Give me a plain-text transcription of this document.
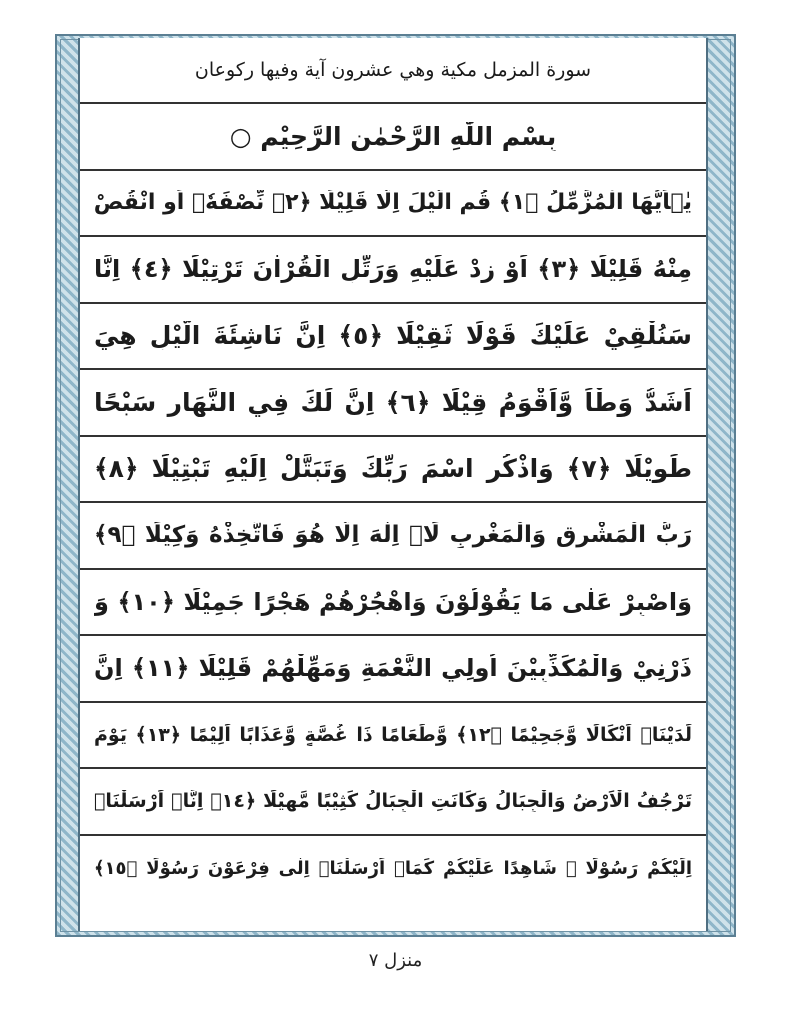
سورة المزمل مكية وهي عشرون آية وفيها ركوعان
بِسْمِ اللّٰهِ الرَّحْمٰنِ الرَّحِيْمِ ○
يٰۤاَيُّهَا الْمُزَّمِّلُ ﴿١﴾ قُمِ الَّيْلَ اِلَّا قَلِيْلًا ﴿٢﴾ نِّصْفَهٗۤ اَوِ انْقُصْ
مِنْهُ قَلِيْلًا ﴿٣﴾ اَوْ زِدْ عَلَيْهِ وَرَتِّلِ الْقُرْاٰنَ تَرْتِيْلًا ﴿٤﴾ اِنَّا
سَنُلْقِيْ عَلَيْكَ قَوْلًا ثَقِيْلًا ﴿٥﴾ اِنَّ نَاشِئَةَ الَّيْلِ هِيَ
اَشَدُّ وَطْاً وَّاَقْوَمُ قِيْلًا ﴿٦﴾ اِنَّ لَكَ فِي النَّهَارِ سَبْحًا
طَوِيْلًا ﴿٧﴾ وَاذْكُرِ اسْمَ رَبِّكَ وَتَبَتَّلْ اِلَيْهِ تَبْتِيْلًا ﴿٨﴾
رَبُّ الْمَشْرِقِ وَالْمَغْرِبِ لَاۤ اِلٰهَ اِلَّا هُوَ فَاتَّخِذْهُ وَكِيْلًا ﴿٩﴾
وَاصْبِرْ عَلٰى مَا يَقُوْلُوْنَ وَاهْجُرْهُمْ هَجْرًا جَمِيْلًا ﴿١٠﴾ وَ
ذَرْنِيْ وَالْمُكَذِّبِيْنَ اُولِي النَّعْمَةِ وَمَهِّلْهُمْ قَلِيْلًا ﴿١١﴾ اِنَّ
لَدَيْنَاۤ اَنْكَالًا وَّجَحِيْمًا ﴿١٢﴾ وَّطَعَامًا ذَا غُصَّةٍ وَّعَذَابًا اَلِيْمًا ﴿١٣﴾ يَوْمَ
تَرْجُفُ الْاَرْضُ وَالْجِبَالُ وَكَانَتِ الْجِبَالُ كَثِيْبًا مَّهِيْلًا ﴿١٤﴾ اِنَّاۤ اَرْسَلْنَاۤ
اِلَيْكُمْ رَسُوْلًا ۙ شَاهِدًا عَلَيْكُمْ كَمَاۤ اَرْسَلْنَاۤ اِلٰى فِرْعَوْنَ رَسُوْلًا ﴿١٥﴾
منزل ٧
